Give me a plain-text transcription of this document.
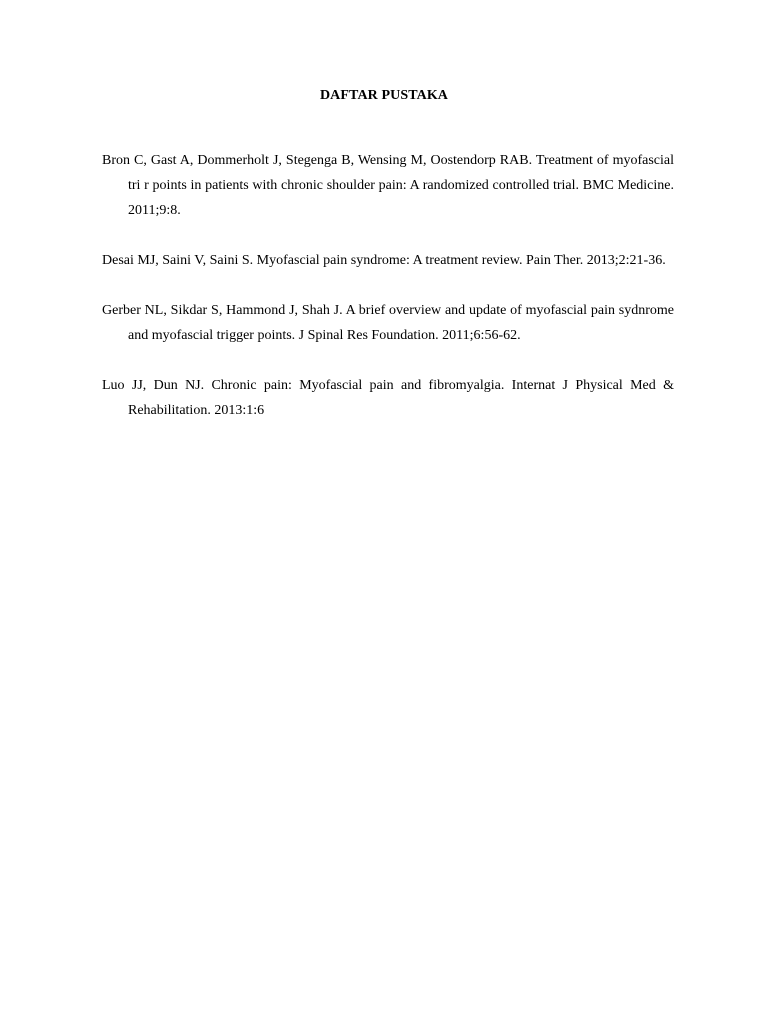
DAFTAR PUSTAKA
Bron C, Gast A, Dommerholt J, Stegenga B, Wensing M, Oostendorp RAB. Treatment of myofascial tri r points in patients with chronic shoulder pain: A randomized controlled trial. BMC Medicine. 2011;9:8.
Desai MJ, Saini V, Saini S. Myofascial pain syndrome: A treatment review. Pain Ther. 2013;2:21-36.
Gerber NL, Sikdar S, Hammond J, Shah J. A brief overview and update of myofascial pain sydnrome and myofascial trigger points. J Spinal Res Foundation. 2011;6:56-62.
Luo JJ, Dun NJ. Chronic pain: Myofascial pain and fibromyalgia. Internat J Physical Med & Rehabilitation. 2013:1:6
